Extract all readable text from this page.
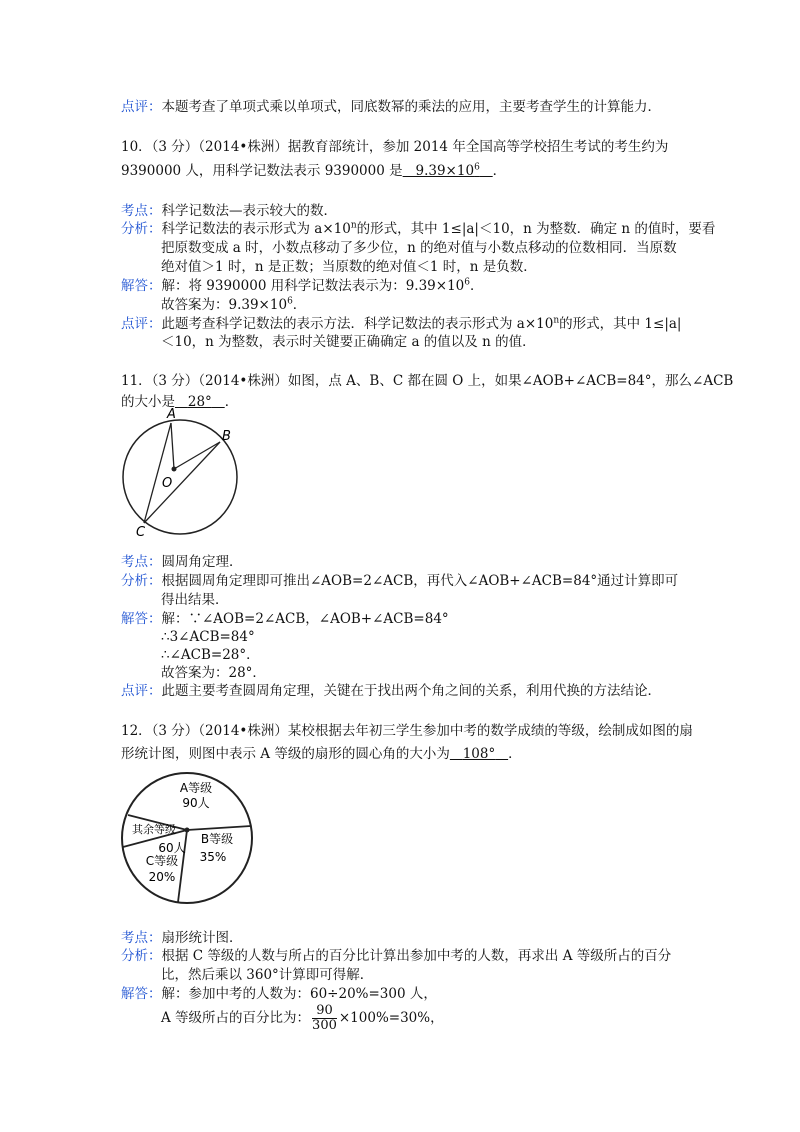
点评：本题考查了单项式乘以单项式，同底数幂的乘法的应用，主要考查学生的计算能力．
10．（3 分）（2014•株洲）据教育部统计，参加 2014 年全国高等学校招生考试的考生约为
9390000 人，用科学记数法表示 9390000 是 $9.39\times 10^6$ ．
考点：科学记数法—表示较大的数．
分析：科学记数法的表示形式为 $a\times 10^n$的形式，其中 1≤|a|＜10，n 为整数．确定 n 的值时，要看
把原数变成 a 时，小数点移动了多少位，n 的绝对值与小数点移动的位数相同．当原数
绝对值＞1 时，n 是正数；当原数的绝对值＜1 时，n 是负数．
解答：解：将 9390000 用科学记数法表示为：$9.39\times 10^6$．
故答案为：$9.39\times 10^6$．
点评：此题考查科学记数法的表示方法．科学记数法的表示形式为 $a\times 10^n$的形式，其中 1≤|a|
＜10，n 为整数，表示时关键要正确确定 a 的值以及 n 的值．
11．（3 分）（2014•株洲）如图，点 A、B、C 都在圆 O 上，如果∠AOB+∠ACB=84°，那么∠ACB
的大小是 28° ．
A
B
C
O
考点：圆周角定理．
分析：根据圆周角定理即可推出∠AOB=2∠ACB，再代入∠AOB+∠ACB=84°通过计算即可
得出结果．
解答：解：∵∠AOB=2∠ACB，∠AOB+∠ACB=84°
∴3∠ACB=84°
∴∠ACB=28°．
故答案为：28°．
点评：此题主要考查圆周角定理，关键在于找出两个角之间的关系，利用代换的方法结论．
12．（3 分）（2014•株洲）某校根据去年初三学生参加中考的数学成绩的等级，绘制成如图的扇
形统计图，则图中表示 A 等级的扇形的圆心角的大小为 108° ．
A等级
90人
B等级
35%
其余等级
60人
C等级
20%
考点：扇形统计图．
分析：根据 C 等级的人数与所占的百分比计算出参加中考的人数，再求出 A 等级所占的百分
比，然后乘以 360°计算即可得解．
解答：解：参加中考的人数为：60÷20%=300 人，
A 等级所占的百分比为： $\frac{90}{300} \times 100\%=30\%$，
